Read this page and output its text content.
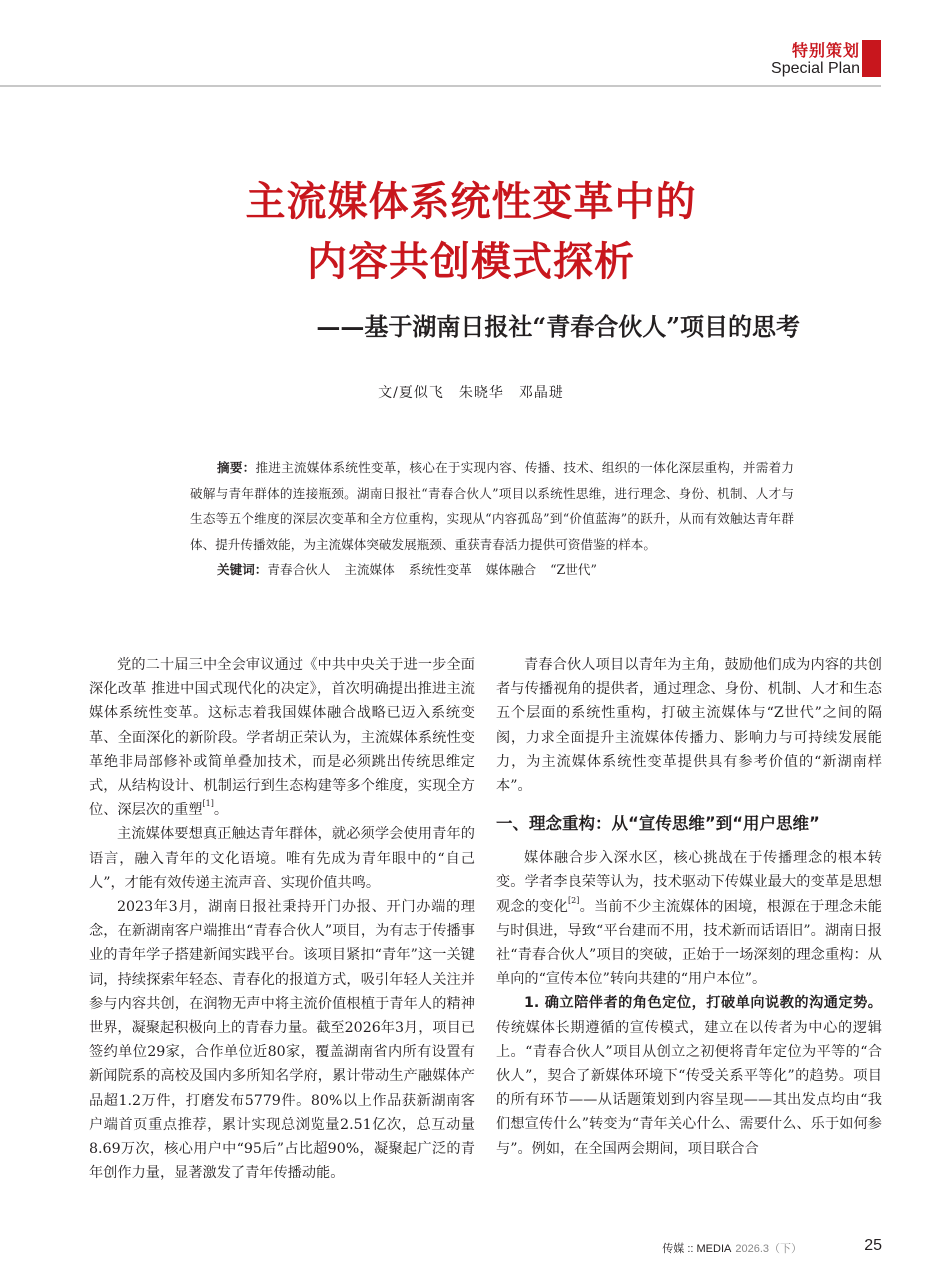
特别策划
Special Plan
主流媒体系统性变革中的
内容共创模式探析
——基于湖南日报社“青春合伙人”项目的思考
文/夏似飞　朱晓华　邓晶琎

摘要：推进主流媒体系统性变革，核心在于实现内容、传播、技术、组织的一体化深层重构，并需着力破解与青年群体的连接瓶颈。湖南日报社“青春合伙人”项目以系统性思维，进行理念、身份、机制、人才与生态等五个维度的深层次变革和全方位重构，实现从“内容孤岛”到“价值蓝海”的跃升，从而有效触达青年群体、提升传播效能，为主流媒体突破发展瓶颈、重获青春活力提供可资借鉴的样本。

关键词：青春合伙人 主流媒体 系统性变革 媒体融合 “Z世代”

党的二十届三中全会审议通过《中共中央关于进一步全面深化改革 推进中国式现代化的决定》，首次明确提出推进主流媒体系统性变革。这标志着我国媒体融合战略已迈入系统变革、全面深化的新阶段。学者胡正荣认为，主流媒体系统性变革绝非局部修补或简单叠加技术，而是必须跳出传统思维定式，从结构设计、机制运行到生态构建等多个维度，实现全方位、深层次的重塑[1]。

主流媒体要想真正触达青年群体，就必须学会使用青年的语言，融入青年的文化语境。唯有先成为青年眼中的“自己人”，才能有效传递主流声音、实现价值共鸣。

2023年3月，湖南日报社秉持开门办报、开门办端的理念，在新湖南客户端推出“青春合伙人”项目，为有志于传播事业的青年学子搭建新闻实践平台。该项目紧扣“青年”这一关键词，持续探索年轻态、青春化的报道方式，吸引年轻人关注并参与内容共创，在润物无声中将主流价值根植于青年人的精神世界，凝聚起积极向上的青春力量。截至2026年3月，项目已签约单位29家，合作单位近80家，覆盖湖南省内所有设置有新闻院系的高校及国内多所知名学府，累计带动生产融媒体产品超1.2万件，打磨发布5779件。80%以上作品获新湖南客户端首页重点推荐，累计实现总浏览量2.51亿次，总互动量8.69万次，核心用户中“95后”占比超90%，凝聚起广泛的青年创作力量，显著激发了青年传播动能。

青春合伙人项目以青年为主角，鼓励他们成为内容的共创者与传播视角的提供者，通过理念、身份、机制、人才和生态五个层面的系统性重构，打破主流媒体与“Z世代”之间的隔阂，力求全面提升主流媒体传播力、影响力与可持续发展能力，为主流媒体系统性变革提供具有参考价值的“新湖南样本”。

一、理念重构：从“宣传思维”到“用户思维”

媒体融合步入深水区，核心挑战在于传播理念的根本转变。学者李良荣等认为，技术驱动下传媒业最大的变革是思想观念的变化[2]。当前不少主流媒体的困境，根源在于理念未能与时俱进，导致“平台建而不用，技术新而话语旧”。湖南日报社“青春合伙人”项目的突破，正始于一场深刻的理念重构：从单向的“宣传本位”转向共建的“用户本位”。

1. 确立陪伴者的角色定位，打破单向说教的沟通定势。传统媒体长期遵循的宣传模式，建立在以传者为中心的逻辑上。“青春合伙人”项目从创立之初便将青年定位为平等的“合伙人”，契合了新媒体环境下“传受关系平等化”的趋势。项目的所有环节——从话题策划到内容呈现——其出发点均由“我们想宣传什么”转变为“青年关心什么、需要什么、乐于如何参与”。例如，在全国两会期间，项目联合合

传媒 :: MEDIA 2026.3（下）	25
